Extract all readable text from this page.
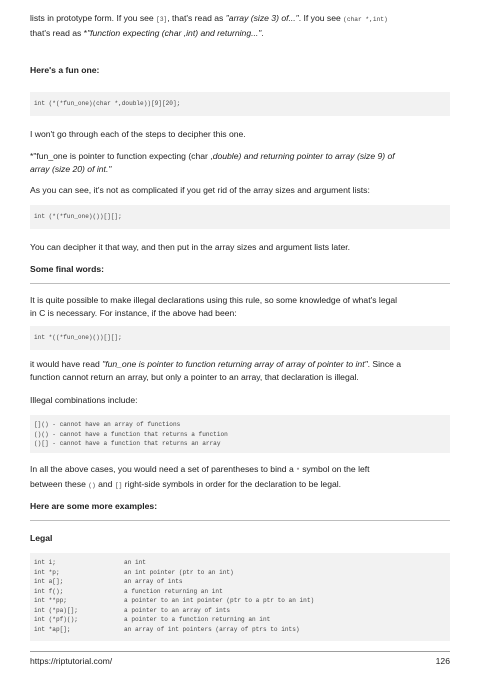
lists in prototype form. If you see [3], that's read as "array (size 3) of...". If you see (char *,int)
that's read as *"function expecting (char ,int) and returning...".
Here's a fun one:
int (*(*fun_one)(char *,double))[9][20];
I won't go through each of the steps to decipher this one.
*"fun_one is pointer to function expecting (char ,double) and returning pointer to array (size 9) of
array (size 20) of int."
As you can see, it's not as complicated if you get rid of the array sizes and argument lists:
int (*(*fun_one)())[][];
You can decipher it that way, and then put in the array sizes and argument lists later.
Some final words:
It is quite possible to make illegal declarations using this rule, so some knowledge of what's legal
in C is necessary. For instance, if the above had been:
int *((*fun_one)())[][];
it would have read "fun_one is pointer to function returning array of array of pointer to int". Since a
function cannot return an array, but only a pointer to an array, that declaration is illegal.
Illegal combinations include:
[]() - cannot have an array of functions
()() - cannot have a function that returns a function
()[] - cannot have a function that returns an array
In all the above cases, you would need a set of parentheses to bind a * symbol on the left
between these () and [] right-side symbols in order for the declaration to be legal.
Here are some more examples:
Legal
int i;	an int
int *p;	an int pointer (ptr to an int)
int a[];	an array of ints
int f();	a function returning an int
int **pp;	a pointer to an int pointer (ptr to a ptr to an int)
int (*pa)[];	a pointer to an array of ints
int (*pf)();	a pointer to a function returning an int
int *ap[];	an array of int pointers (array of ptrs to ints)
https://riptutorial.com/	126
